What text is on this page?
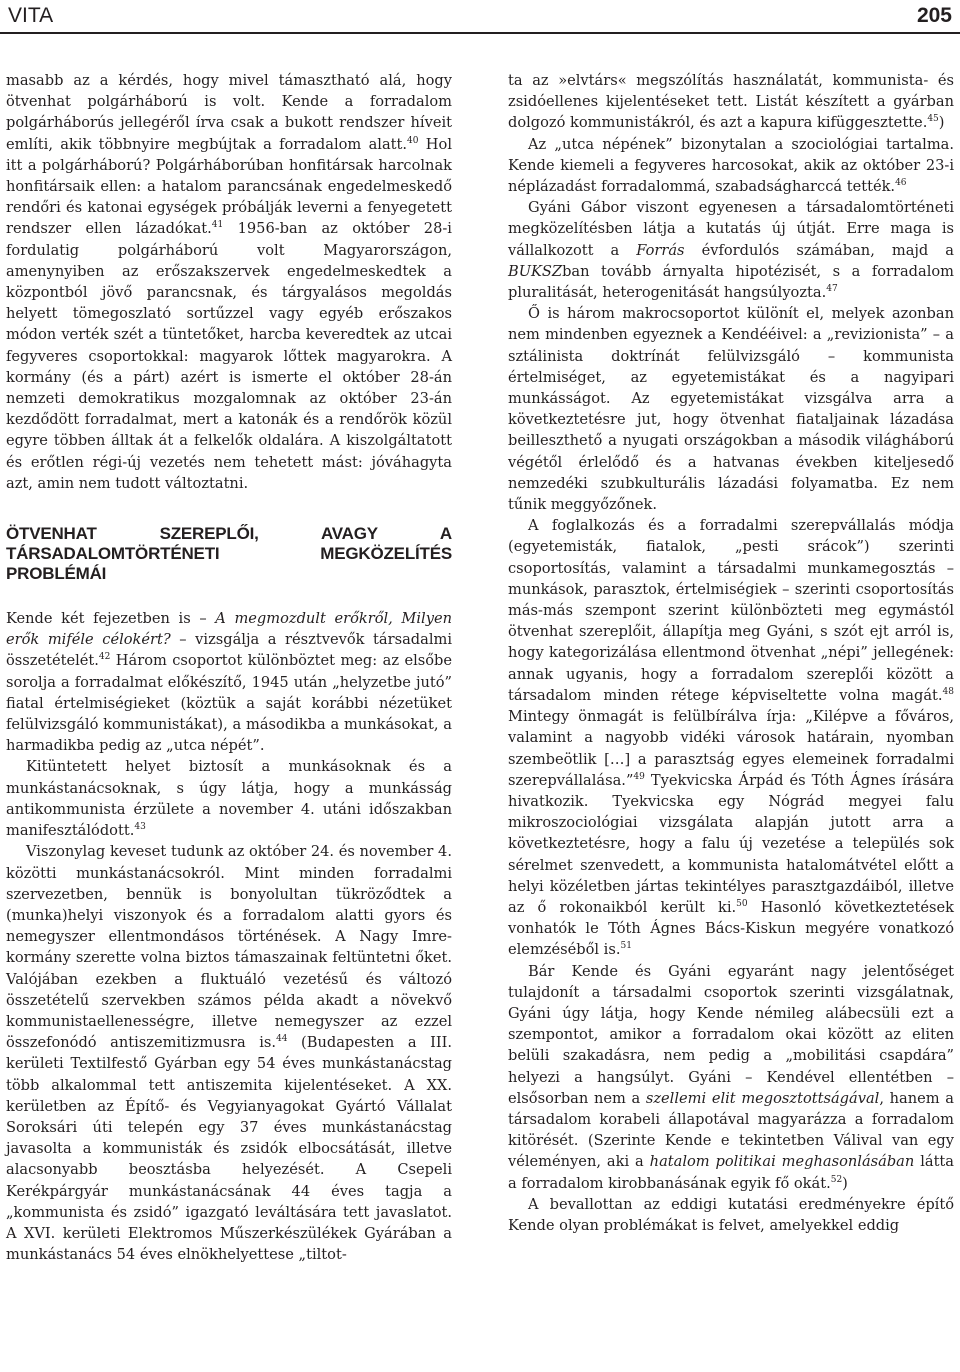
VITA	205

masabb az a kérdés, hogy mivel támasztható alá, hogy ötvenhat polgárháború is volt. Kende a forradalom polgárháborús jellegéről írva csak a bukott rendszer híveit említi, akik többnyire megbújtak a forradalom alatt.$^{40}$ Hol itt a polgárháború? Polgárháborúban honfitársak harcolnak honfitársaik ellen: a hatalom parancsának engedelmeskedő rendőri és katonai egységek próbálják leverni a fenyegetett rendszer ellen lázadókat.$^{41}$ 1956-ban az október 28-i fordulatig polgárháború volt Magyarországon, amenynyiben az erőszakszervek engedelmeskedtek a központból jövő parancsnak, és tárgyalásos megoldás helyett tömegoszlató sortűzzel vagy egyéb erőszakos módon verték szét a tüntetőket, harcba keveredtek az utcai fegyveres csoportokkal: magyarok lőttek magyarokra. A kormány (és a párt) azért is ismerte el október 28-án nemzeti demokratikus mozgalomnak az október 23-án kezdődött forradalmat, mert a katonák és a rendőrök közül egyre többen álltak át a felkelők oldalára. A kiszolgáltatott és erőtlen régi-új vezetés nem tehetett mást: jóváhagyta azt, amin nem tudott változtatni.

ÖTVENHAT SZEREPLŐI, AVAGY A TÁRSADALOMTÖRTÉNETI MEGKÖZELÍTÉS PROBLÉMÁI

Kende két fejezetben is – A megmozdult erőkről, Milyen erők miféle célokért? – vizsgálja a résztvevők társadalmi összetételét.$^{42}$ Három csoportot különböztet meg: az elsőbe sorolja a forradalmat előkészítő, 1945 után „helyzetbe jutó” fiatal értelmiségieket (köztük a saját korábbi nézetüket felülvizsgáló kommunistákat), a másodikba a munkásokat, a harmadikba pedig az „utca népét”.

Kitüntetett helyet biztosít a munkásoknak és a munkástanácsoknak, s úgy látja, hogy a munkásság antikommunista érzülete a november 4. utáni időszakban manifesztálódott.$^{43}$

Viszonylag keveset tudunk az október 24. és november 4. közötti munkástanácsokról. Mint minden forradalmi szervezetben, bennük is bonyolultan tükröződtek a (munka)helyi viszonyok és a forradalom alatti gyors és nemegyszer ellentmondásos történések. A Nagy Imre-kormány szerette volna biztos támaszainak feltüntetni őket. Valójában ezekben a fluktuáló vezetésű és változó összetételű szervekben számos példa akadt a növekvő kommunistaellenességre, illetve nemegyszer az ezzel összefonódó antiszemitizmusra is.$^{44}$ (Budapesten a III. kerületi Textilfestő Gyárban egy 54 éves munkástanácstag több alkalommal tett antiszemita kijelentéseket. A XX. kerületben az Építő- és Vegyianyagokat Gyártó Vállalat Soroksári úti telepén egy 37 éves munkástanácstag javasolta a kommunisták és zsidók elbocsátását, illetve alacsonyabb beosztásba helyezését. A Csepeli Kerékpárgyár munkástanácsának 44 éves tagja a „kommunista és zsidó” igazgató leváltására tett javaslatot. A XVI. kerületi Elektromos Műszerkészülékek Gyárában a munkástanács 54 éves elnökhelyettese „tiltot-

ta az »elvtárs« megszólítás használatát, kommunista- és zsidóellenes kijelentéseket tett. Listát készített a gyárban dolgozó kommunistákról, és azt a kapura kifüggesztette.$^{45}$)

Az „utca népének” bizonytalan a szociológiai tartalma. Kende kiemeli a fegyveres harcosokat, akik az október 23-i néplázadást forradalommá, szabadságharccá tették.$^{46}$

Gyáni Gábor viszont egyenesen a társadalomtörténeti megközelítésben látja a kutatás új útját. Erre maga is vállalkozott a Forrás évfordulós számában, majd a BUKSZban tovább árnyalta hipotézisét, s a forradalom pluralitását, heterogenitását hangsúlyozta.$^{47}$

Ő is három makrocsoportot különít el, melyek azonban nem mindenben egyeznek a Kendééivel: a „revizionista” – a sztálinista doktrínát felülvizsgáló – kommunista értelmiséget, az egyetemistákat és a nagyipari munkásságot. Az egyetemistákat vizsgálva arra a következtetésre jut, hogy ötvenhat fiataljainak lázadása beilleszthető a nyugati országokban a második világháború végétől érlelődő és a hatvanas években kiteljesedő nemzedéki szubkulturális lázadási folyamatba. Ez nem tűnik meggyőzőnek.

A foglalkozás és a forradalmi szerepvállalás módja (egyetemisták, fiatalok, „pesti srácok”) szerinti csoportosítás, valamint a társadalmi munkamegosztás – munkások, parasztok, értelmiségiek – szerinti csoportosítás más-más szempont szerint különbözteti meg egymástól ötvenhat szereplőit, állapítja meg Gyáni, s szót ejt arról is, hogy kategorizálása ellentmond ötvenhat „népi” jellegének: annak ugyanis, hogy a forradalom szereplői között a társadalom minden rétege képviseltette volna magát.$^{48}$ Mintegy önmagát is felülbírálva írja: „Kilépve a főváros, valamint a nagyobb vidéki városok határain, nyomban szembeötlik […] a parasztság egyes elemeinek forradalmi szerepvállalása.”$^{49}$ Tyekvicska Árpád és Tóth Ágnes írására hivatkozik. Tyekvicska egy Nógrád megyei falu mikroszociológiai vizsgálata alapján jutott arra a következtetésre, hogy a falu új vezetése a település sok sérelmet szenvedett, a kommunista hatalomátvétel előtt a helyi közéletben jártas tekintélyes parasztgazdáiból, illetve az ő rokonaikból került ki.$^{50}$ Hasonló következtetések vonhatók le Tóth Ágnes Bács-Kiskun megyére vonatkozó elemzéséből is.$^{51}$

Bár Kende és Gyáni egyaránt nagy jelentőséget tulajdonít a társadalmi csoportok szerinti vizsgálatnak, Gyáni úgy látja, hogy Kende némileg alábecsüli ezt a szempontot, amikor a forradalom okai között az eliten belüli szakadásra, nem pedig a „mobilitási csapdára” helyezi a hangsúlyt. Gyáni – Kendével ellentétben – elsősorban nem a szellemi elit megosztottságával, hanem a társadalom korabeli állapotával magyarázza a forradalom kitörését. (Szerinte Kende e tekintetben Válival van egy véleményen, aki a hatalom politikai meghasonlásában látta a forradalom kirobbanásának egyik fő okát.$^{52}$)

A bevallottan az eddigi kutatási eredményekre építő Kende olyan problémákat is felvet, amelyekkel eddig
